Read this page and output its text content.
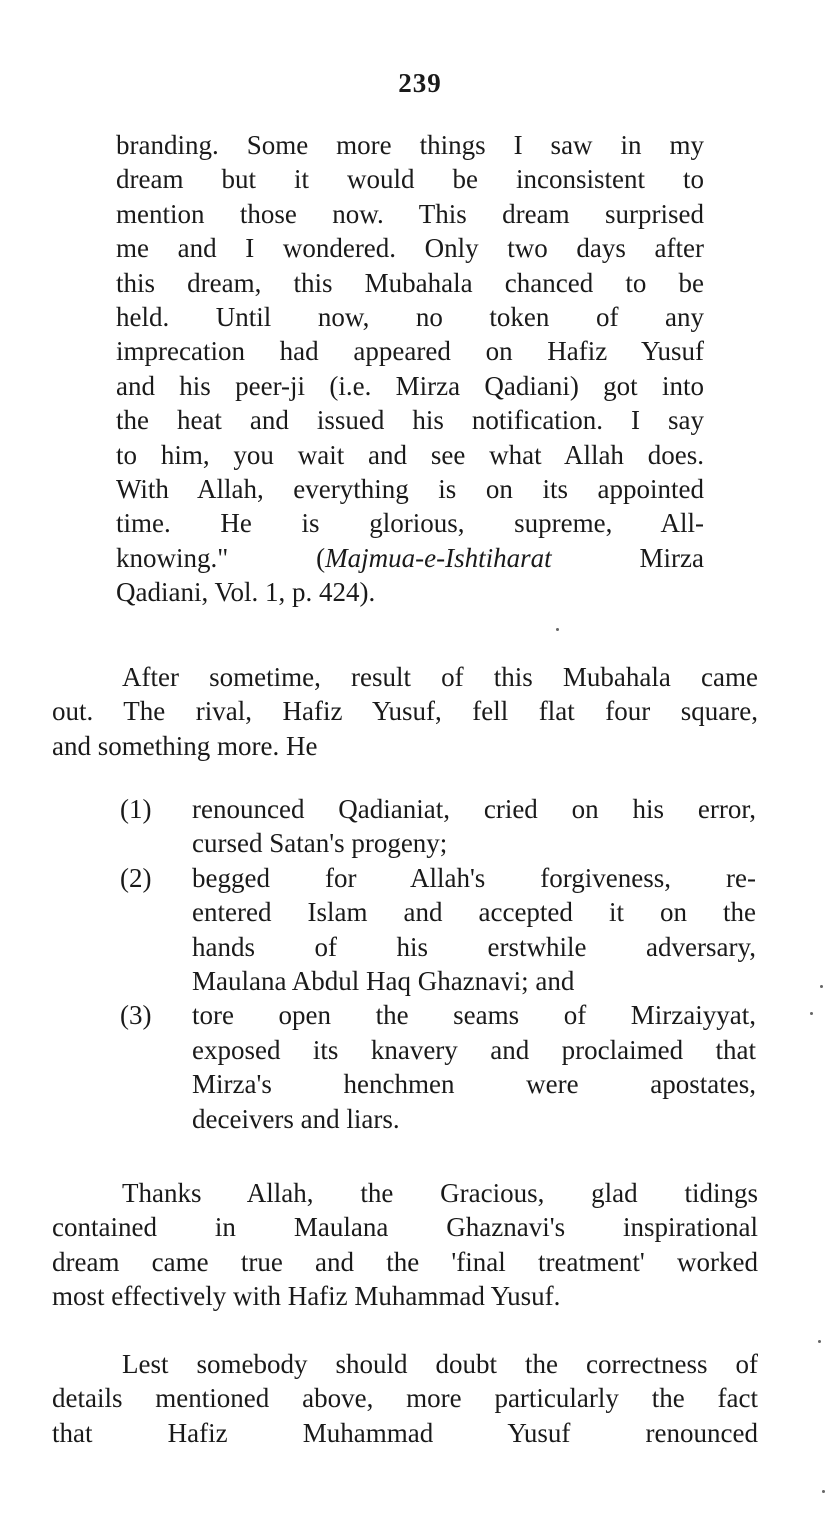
239
branding. Some more things I saw in my
dream but it would be inconsistent to
mention those now. This dream surprised
me and I wondered. Only two days after
this dream, this Mubahala chanced to be
held. Until now, no token of any
imprecation had appeared on Hafiz Yusuf
and his peer-ji (i.e. Mirza Qadiani) got into
the heat and issued his notification. I say
to him, you wait and see what Allah does.
With Allah, everything is on its appointed
time. He is glorious, supreme, All-
knowing." (Majmua-e-Ishtiharat Mirza
Qadiani, Vol. 1, p. 424).
After sometime, result of this Mubahala came
out. The rival, Hafiz Yusuf, fell flat four square,
and something more. He
(1) renounced Qadianiat, cried on his error,
cursed Satan's progeny;
(2) begged for Allah's forgiveness, re-
entered Islam and accepted it on the
hands of his erstwhile adversary,
Maulana Abdul Haq Ghaznavi; and
(3) tore open the seams of Mirzaiyyat,
exposed its knavery and proclaimed that
Mirza's henchmen were apostates,
deceivers and liars.
Thanks Allah, the Gracious, glad tidings
contained in Maulana Ghaznavi's inspirational
dream came true and the 'final treatment' worked
most effectively with Hafiz Muhammad Yusuf.
Lest somebody should doubt the correctness of
details mentioned above, more particularly the fact
that Hafiz Muhammad Yusuf renounced
